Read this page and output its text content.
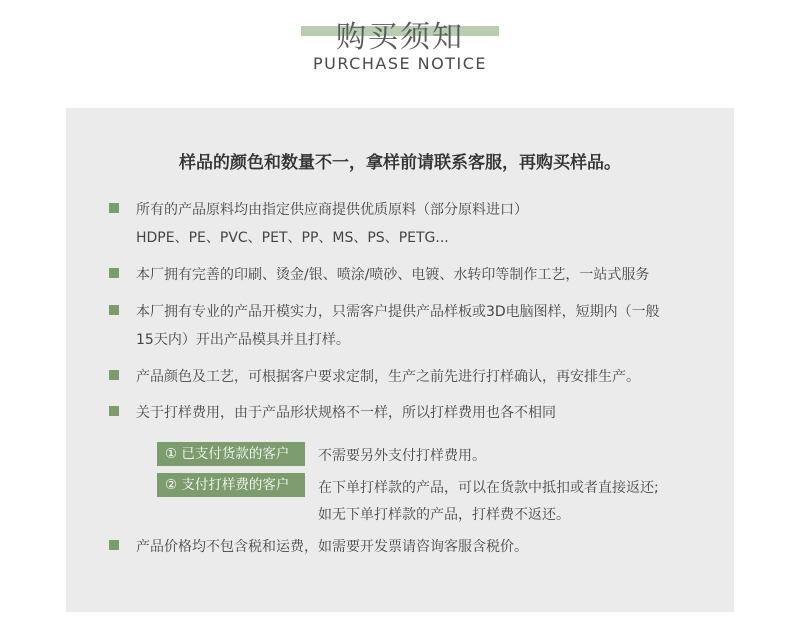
购买须知
PURCHASE NOTICE
样品的颜色和数量不一，拿样前请联系客服，再购买样品。
所有的产品原料均由指定供应商提供优质原料（部分原料进口）
HDPE、PE、PVC、PET、PP、MS、PS、PETG...
本厂拥有完善的印刷、烫金/银、喷涂/喷砂、电镀、水转印等制作工艺，一站式服务
本厂拥有专业的产品开模实力，只需客户提供产品样板或3D电脑图样，短期内（一般
15天内）开出产品模具并且打样。
产品颜色及工艺，可根据客户要求定制，生产之前先进行打样确认，再安排生产。
关于打样费用，由于产品形状规格不一样，所以打样费用也各不相同
① 已支付货款的客户	不需要另外支付打样费用。
② 支付打样费的客户	在下单打样款的产品，可以在货款中抵扣或者直接返还;
如无下单打样款的产品，打样费不返还。
产品价格均不包含税和运费，如需要开发票请咨询客服含税价。
